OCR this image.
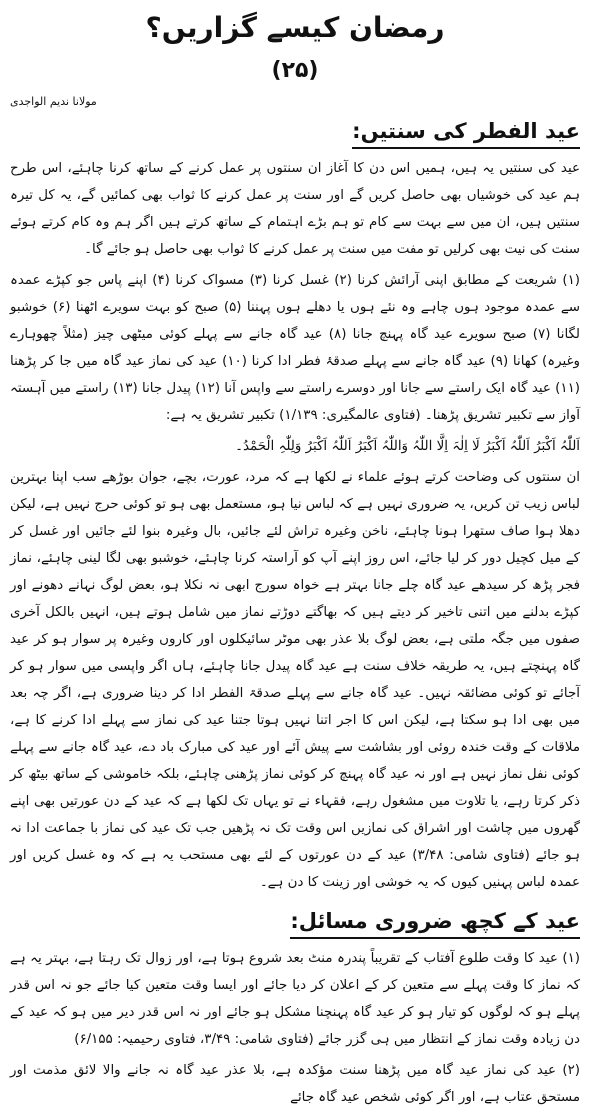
رمضان کیسے گزاریں؟
(۲۵)
مولانا ندیم الواجدی
عید الفطر کی سنتیں:

عید کی سنتیں یہ ہیں، ہمیں اس دن کا آغاز ان سنتوں پر عمل کرنے کے ساتھ کرنا چاہئے، اس طرح ہم عید کی خوشیاں بھی حاصل کریں گے اور سنت پر عمل کرنے کا ثواب بھی کمائیں گے، یہ کل تیرہ سنتیں ہیں، ان میں سے بہت سے کام تو ہم بڑے اہتمام کے ساتھ کرتے ہیں اگر ہم وہ کام کرتے ہوئے سنت کی نیت بھی کرلیں تو مفت میں سنت پر عمل کرنے کا ثواب بھی حاصل ہو جائے گا۔

(۱) شریعت کے مطابق اپنی آرائش کرنا (۲) غسل کرنا (۳) مسواک کرنا (۴) اپنے پاس جو کپڑے عمدہ سے عمدہ موجود ہوں چاہے وہ نئے ہوں یا دھلے ہوں پہننا (۵) صبح کو بہت سویرے اٹھنا (۶) خوشبو لگانا (۷) صبح سویرے عید گاہ پہنچ جانا (۸) عید گاہ جانے سے پہلے کوئی میٹھی چیز (مثلاً چھوہارے وغیرہ) کھانا (۹) عید گاہ جانے سے پہلے صدقۂ فطر ادا کرنا (۱۰) عید کی نماز عید گاہ میں جا کر پڑھنا (۱۱) عید گاہ ایک راستے سے جانا اور دوسرے راستے سے واپس آنا (۱۲) پیدل جانا (۱۳) راستے میں آہستہ آواز سے تکبیر تشریق پڑھنا۔ (فتاوی عالمگیری: ۱/۱۳۹) تکبیر تشریق یہ ہے:

اَللّٰہُ اَکْبَرُ اَللّٰہُ اَکْبَرُ لَا اِلٰہَ اِلَّا اللّٰہُ وَاللّٰہُ اَکْبَرُ اَللّٰہُ اَکْبَرُ وَلِلّٰہِ الْحَمْدُ۔

ان سنتوں کی وضاحت کرتے ہوئے علماء نے لکھا ہے کہ مرد، عورت، بچے، جوان بوڑھے سب اپنا بہترین لباس زیب تن کریں، یہ ضروری نہیں ہے کہ لباس نیا ہو، مستعمل بھی ہو تو کوئی حرج نہیں ہے، لیکن دھلا ہوا صاف ستھرا ہونا چاہئے، ناخن وغیرہ تراش لئے جائیں، بال وغیرہ بنوا لئے جائیں اور غسل کر کے میل کچیل دور کر لیا جائے، اس روز اپنے آپ کو آراستہ کرنا چاہئے، خوشبو بھی لگا لینی چاہئے، نماز فجر پڑھ کر سیدھے عید گاہ چلے جانا بہتر ہے خواہ سورج ابھی نہ نکلا ہو، بعض لوگ نہانے دھونے اور کپڑے بدلنے میں اتنی تاخیر کر دیتے ہیں کہ بھاگتے دوڑتے نماز میں شامل ہوتے ہیں، انہیں بالکل آخری صفوں میں جگہ ملتی ہے، بعض لوگ بلا عذر بھی موٹر سائیکلوں اور کاروں وغیرہ پر سوار ہو کر عید گاہ پہنچتے ہیں، یہ طریقہ خلاف سنت ہے عید گاہ پیدل جانا چاہئے، ہاں اگر واپسی میں سوار ہو کر آجائے تو کوئی مضائقہ نہیں۔ عید گاہ جانے سے پہلے صدقۃ الفطر ادا کر دینا ضروری ہے، اگر چہ بعد میں بھی ادا ہو سکتا ہے، لیکن اس کا اجر اتنا نہیں ہوتا جتنا عید کی نماز سے پہلے ادا کرنے کا ہے، ملاقات کے وقت خندہ روئی اور بشاشت سے پیش آئے اور عید کی مبارک باد دے، عید گاہ جانے سے پہلے کوئی نفل نماز نہیں ہے اور نہ عید گاہ پہنچ کر کوئی نماز پڑھنی چاہئے، بلکہ خاموشی کے ساتھ بیٹھ کر ذکر کرتا رہے، یا تلاوت میں مشغول رہے، فقہاء نے تو یہاں تک لکھا ہے کہ عید کے دن عورتیں بھی اپنے گھروں میں چاشت اور اشراق کی نمازیں اس وقت تک نہ پڑھیں جب تک عید کی نماز با جماعت ادا نہ ہو جائے (فتاوی شامی: ۳/۴۸) عید کے دن عورتوں کے لئے بھی مستحب یہ ہے کہ وہ غسل کریں اور عمدہ لباس پہنیں کیوں کہ یہ خوشی اور زینت کا دن ہے۔

عید کے کچھ ضروری مسائل:

(۱) عید کا وقت طلوع آفتاب کے تقریباً پندرہ منٹ بعد شروع ہوتا ہے، اور زوال تک رہتا ہے، بہتر یہ ہے کہ نماز کا وقت پہلے سے متعین کر کے اعلان کر دیا جائے اور ایسا وقت متعین کیا جائے جو نہ اس قدر پہلے ہو کہ لوگوں کو تیار ہو کر عید گاہ پہنچنا مشکل ہو جائے اور نہ اس قدر دیر میں ہو کہ عید کے دن زیادہ وقت نماز کے انتظار میں ہی گزر جائے (فتاوی شامی: ۳/۴۹، فتاوی رحیمیہ: ۶/۱۵۵)

(۲) عید کی نماز عید گاہ میں پڑھنا سنت مؤکدہ ہے، بلا عذر عید گاہ نہ جانے والا لائق مذمت اور مستحق عتاب ہے، اور اگر کوئی شخص عید گاہ جائے
